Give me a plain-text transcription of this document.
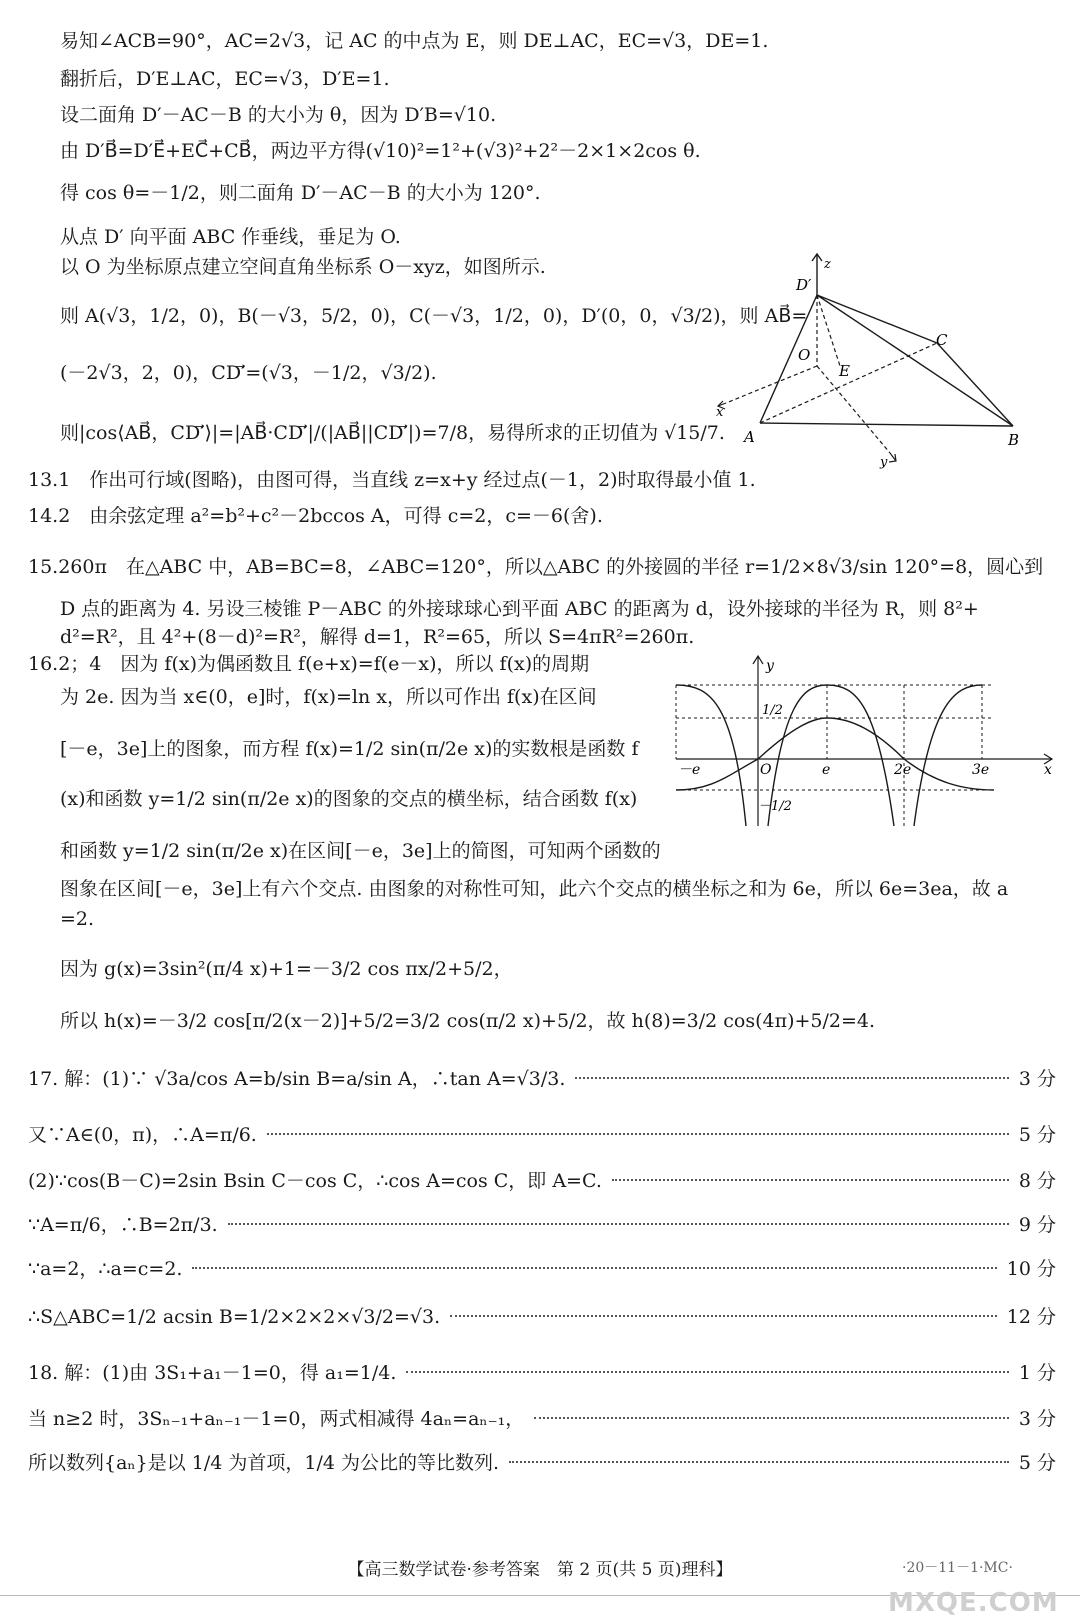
易知∠ACB=90°，AC=2√3，记 AC 的中点为 E，则 DE⊥AC，EC=√3，DE=1.
翻折后，D′E⊥AC，EC=√3，D′E=1.
设二面角 D′－AC－B 的大小为 θ，因为 D′B=√10.
由 D′B⃗=D′E⃗+EC⃗+CB⃗，两边平方得(√10)²=1²+(√3)²+2²－2×1×2cos θ.
得 cos θ=－1/2，则二面角 D′－AC－B 的大小为 120°.
从点 D′ 向平面 ABC 作垂线，垂足为 O.
以 O 为坐标原点建立空间直角坐标系 O－xyz，如图所示.
则 A(√3，1/2，0)，B(－√3，5/2，0)，C(－√3，1/2，0)，D′(0，0，√3/2)，则 AB⃗=
(－2√3，2，0)，CD′⃗=(√3，－1/2，√3/2).
则|cos⟨AB⃗，CD′⃗⟩|=|AB⃗·CD′⃗|/(|AB⃗||CD′⃗|)=7/8，易得所求的正切值为 √15/7.
D′
z
O
E
C
x
A	B
y
13.1　作出可行域(图略)，由图可得，当直线 z=x+y 经过点(－1，2)时取得最小值 1.
14.2　由余弦定理 a²=b²+c²－2bccos A，可得 c=2，c=－6(舍).
15.260π　在△ABC 中，AB=BC=8，∠ABC=120°，所以△ABC 的外接圆的半径 r=1/2×8√3/sin 120°=8，圆心到
D 点的距离为 4. 另设三棱锥 P－ABC 的外接球球心到平面 ABC 的距离为 d，设外接球的半径为 R，则 8²+
d²=R²，且 4²+(8－d)²=R²，解得 d=1，R²=65，所以 S=4πR²=260π.
16.2；4　因为 f(x)为偶函数且 f(e+x)=f(e－x)，所以 f(x)的周期
为 2e. 因为当 x∈(0，e]时，f(x)=ln x，所以可作出 f(x)在区间
[－e，3e]上的图象，而方程 f(x)=1/2 sin(π/2e x)的实数根是函数 f
(x)和函数 y=1/2 sin(π/2e x)的图象的交点的横坐标，结合函数 f(x)
和函数 y=1/2 sin(π/2e x)在区间[－e，3e]上的简图，可知两个函数的
图象在区间[－e，3e]上有六个交点. 由图象的对称性可知，此六个交点的横坐标之和为 6e，所以 6e=3ea，故 a
=2.
因为 g(x)=3sin²(π/4 x)+1=－3/2 cos πx/2+5/2，
所以 h(x)=－3/2 cos[π/2(x－2)]+5/2=3/2 cos(π/2 x)+5/2，故 h(8)=3/2 cos(4π)+5/2=4.
y
1/2
－1/2
－e	O	e	2e	3e	x
17. 解：(1)∵ √3a/cos A=b/sin B=a/sin A，∴tan A=√3/3.	3 分
又∵A∈(0，π)，∴A=π/6.	5 分
(2)∵cos(B－C)=2sin Bsin C－cos C，∴cos A=cos C，即 A=C.	8 分
∵A=π/6，∴B=2π/3.	9 分
∵a=2，∴a=c=2.	10 分
∴S△ABC=1/2 acsin B=1/2×2×2×√3/2=√3.	12 分
18. 解：(1)由 3S₁+a₁－1=0，得 a₁=1/4.	1 分
当 n≥2 时，3Sₙ₋₁+aₙ₋₁－1=0，两式相减得 4aₙ=aₙ₋₁，	3 分
所以数列{aₙ}是以 1/4 为首项，1/4 为公比的等比数列.	5 分
【高三数学试卷·参考答案　第 2 页(共 5 页)理科】	·20－11－1·MC·
MXQE.COM
